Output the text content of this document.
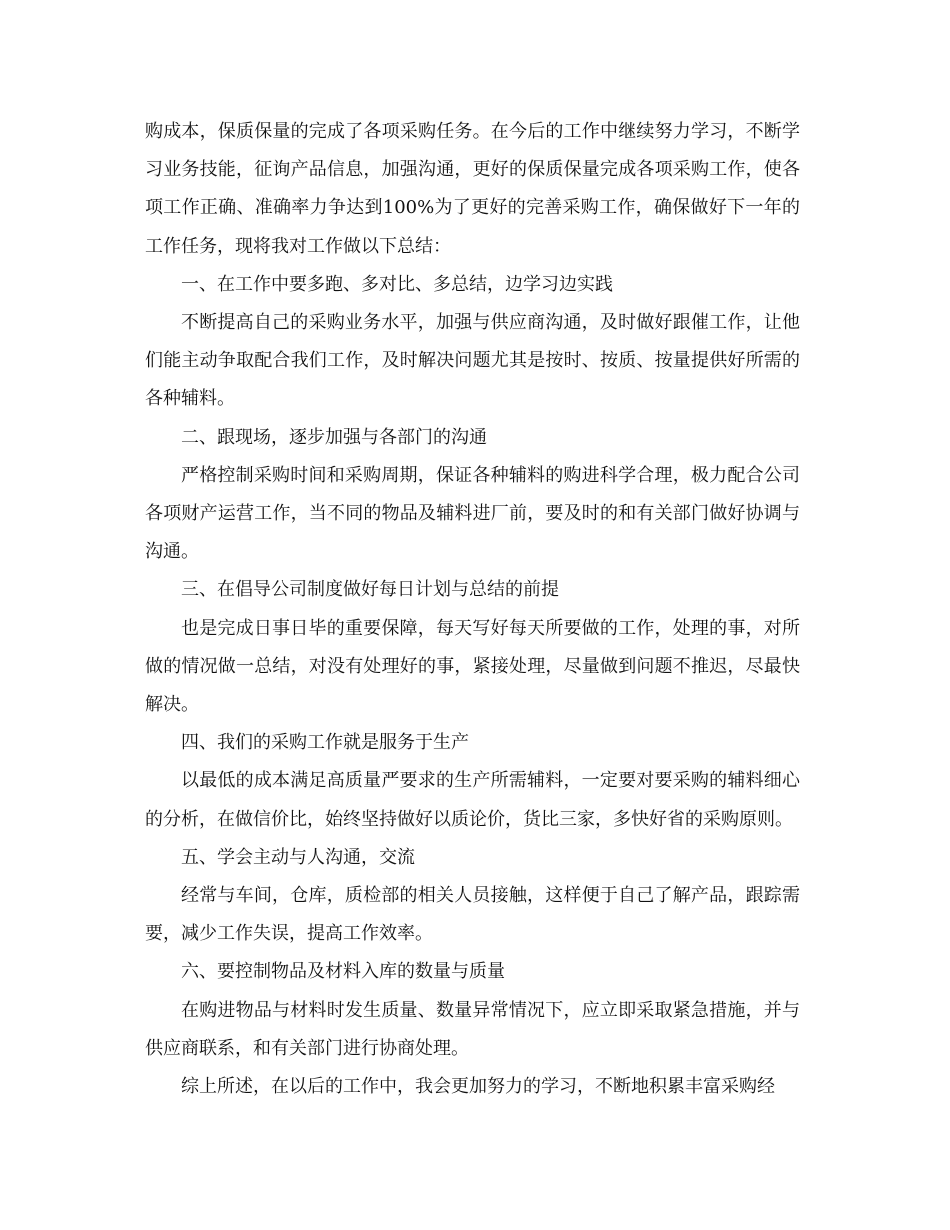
购成本，保质保量的完成了各项采购任务。在今后的工作中继续努力学习，不断学习业务技能，征询产品信息，加强沟通，更好的保质保量完成各项采购工作，使各项工作正确、准确率力争达到100%为了更好的完善采购工作，确保做好下一年的工作任务，现将我对工作做以下总结：

一、在工作中要多跑、多对比、多总结，边学习边实践

不断提高自己的采购业务水平，加强与供应商沟通，及时做好跟催工作，让他们能主动争取配合我们工作，及时解决问题尤其是按时、按质、按量提供好所需的各种辅料。

二、跟现场，逐步加强与各部门的沟通

严格控制采购时间和采购周期，保证各种辅料的购进科学合理，极力配合公司各项财产运营工作，当不同的物品及辅料进厂前，要及时的和有关部门做好协调与沟通。

三、在倡导公司制度做好每日计划与总结的前提

也是完成日事日毕的重要保障，每天写好每天所要做的工作，处理的事，对所做的情况做一总结，对没有处理好的事，紧接处理，尽量做到问题不推迟，尽最快解决。

四、我们的采购工作就是服务于生产

以最低的成本满足高质量严要求的生产所需辅料，一定要对要采购的辅料细心的分析，在做信价比，始终坚持做好以质论价，货比三家，多快好省的采购原则。

五、学会主动与人沟通，交流

经常与车间，仓库，质检部的相关人员接触，这样便于自己了解产品，跟踪需要，减少工作失误，提高工作效率。

六、要控制物品及材料入库的数量与质量

在购进物品与材料时发生质量、数量异常情况下，应立即采取紧急措施，并与供应商联系，和有关部门进行协商处理。

综上所述，在以后的工作中，我会更加努力的学习，不断地积累丰富采购经
